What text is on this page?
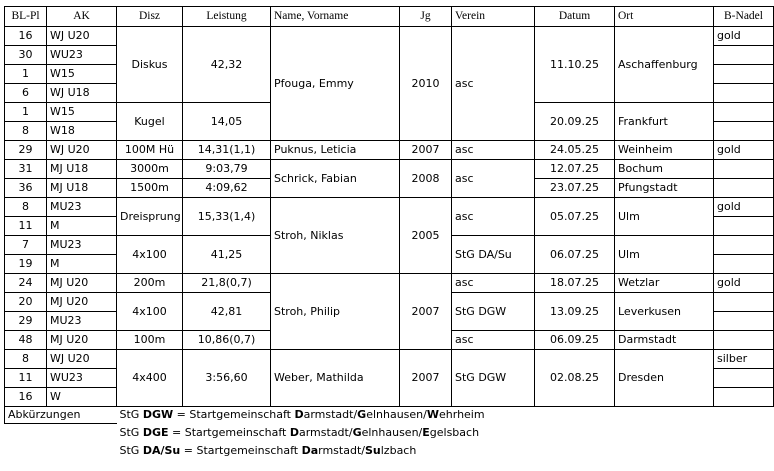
BL-Pl	AK	Disz	Leistung	Name, Vorname	Jg	Verein	Datum	Ort	B-Nadel
16	WJ U20	Diskus	42,32	Pfouga, Emmy	2010	asc	11.10.25	Aschaffenburg	gold
30	WU23								
1	W15								
6	WJ U18								
1	W15	Kugel	14,05				20.09.25	Frankfurt	
8	W18								
29	WJ U20	100M Hü	14,31(1,1)	Puknus, Leticia	2007	asc	24.05.25	Weinheim	gold
31	MJ U18	3000m	9:03,79	Schrick, Fabian	2008	asc	12.07.25	Bochum	
36	MJ U18	1500m	4:09,62				23.07.25	Pfungstadt	
8	MU23	Dreisprung	15,33(1,4)	Stroh, Niklas	2005	asc	05.07.25	Ulm	gold
11	M								
7	MU23	4x100	41,25			StG DA/Su	06.07.25	Ulm	
19	M								
24	MJ U20	200m	21,8(0,7)	Stroh, Philip	2007	asc	18.07.25	Wetzlar	gold
20	MJ U20	4x100	42,81			StG DGW	13.09.25	Leverkusen	
29	MU23								
48	MJ U20	100m	10,86(0,7)			asc	06.09.25	Darmstadt	
8	WJ U20	4x400	3:56,60	Weber, Mathilda	2007	StG DGW	02.08.25	Dresden	silber
11	WU23								
16	W								
Abkürzungen		StG DGW = Startgemeinschaft Darmstadt/Gelnhausen/Wehrheim							
		StG DGE = Startgemeinschaft Darmstadt/Gelnhausen/Egelsbach							
		StG DA/Su = Startgemeinschaft Darmstadt/Sulzbach							
